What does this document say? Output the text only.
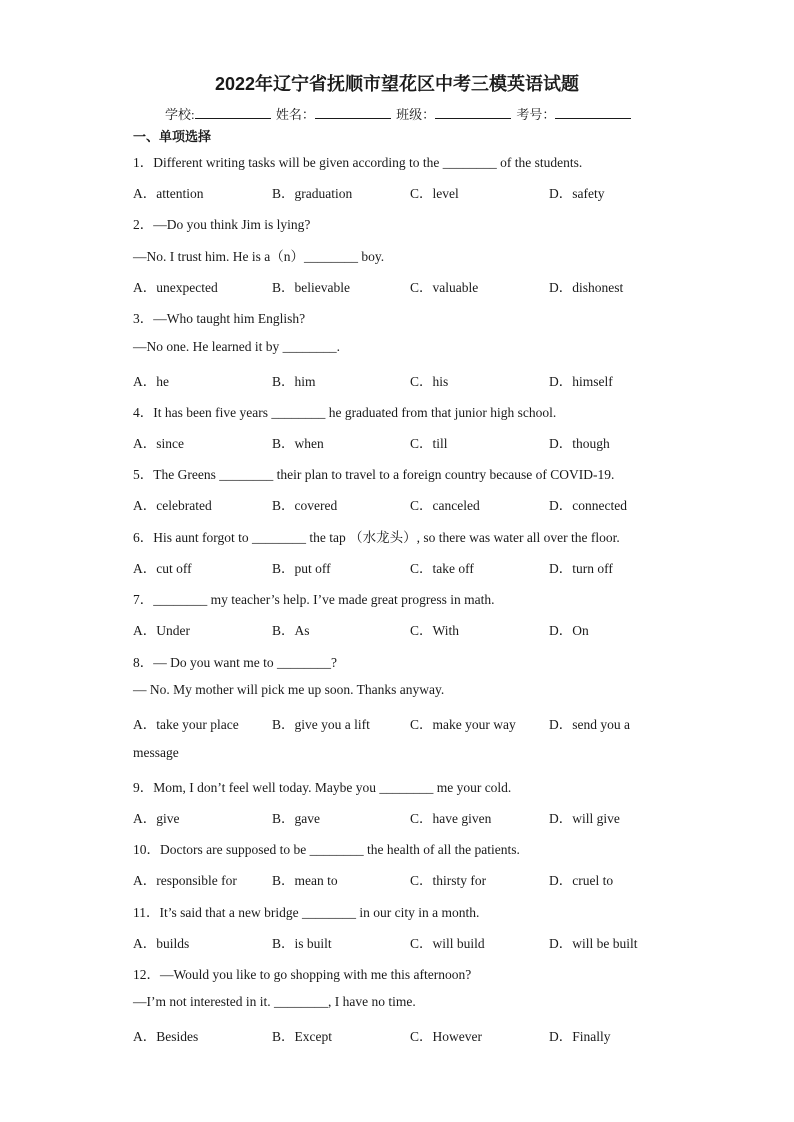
2022年辽宁省抚顺市望花区中考三模英语试题
学校:	姓名：	班级：	考号：
一、单项选择
1．Different writing tasks will be given according to the ________ of the students.
A．attention	B．graduation	C．level	D．safety
2．—Do you think Jim is lying?
—No. I trust him. He is a（n）________ boy.
A．unexpected	B．believable	C．valuable	D．dishonest
3．—Who taught him English?
—No one. He learned it by ________.
A．he	B．him	C．his	D．himself
4．It has been five years ________ he graduated from that junior high school.
A．since	B．when	C．till	D．though
5．The Greens ________ their plan to travel to a foreign country because of COVID-19.
A．celebrated	B．covered	C．canceled	D．connected
6．His aunt forgot to ________ the tap （水龙头）, so there was water all over the floor.
A．cut off	B．put off	C．take off	D．turn off
7．________ my teacher’s help. I’ve made great progress in math.
A．Under	B．As	C．With	D．On
8．— Do you want me to ________?
— No. My mother will pick me up soon. Thanks anyway.
A．take your place B．give you a lift	C．make your way D．send you a
message
9．Mom, I don’t feel well today. Maybe you ________ me your cold.
A．give	B．gave	C．have given	D．will give
10．Doctors are supposed to be ________ the health of all the patients.
A．responsible for	B．mean to	C．thirsty for	D．cruel to
11．It’s said that a new bridge ________ in our city in a month.
A．builds	B．is built	C．will build	D．will be built
12．—Would you like to go shopping with me this afternoon?
—I’m not interested in it. ________, I have no time.
A．Besides	B．Except	C．However	D．Finally
